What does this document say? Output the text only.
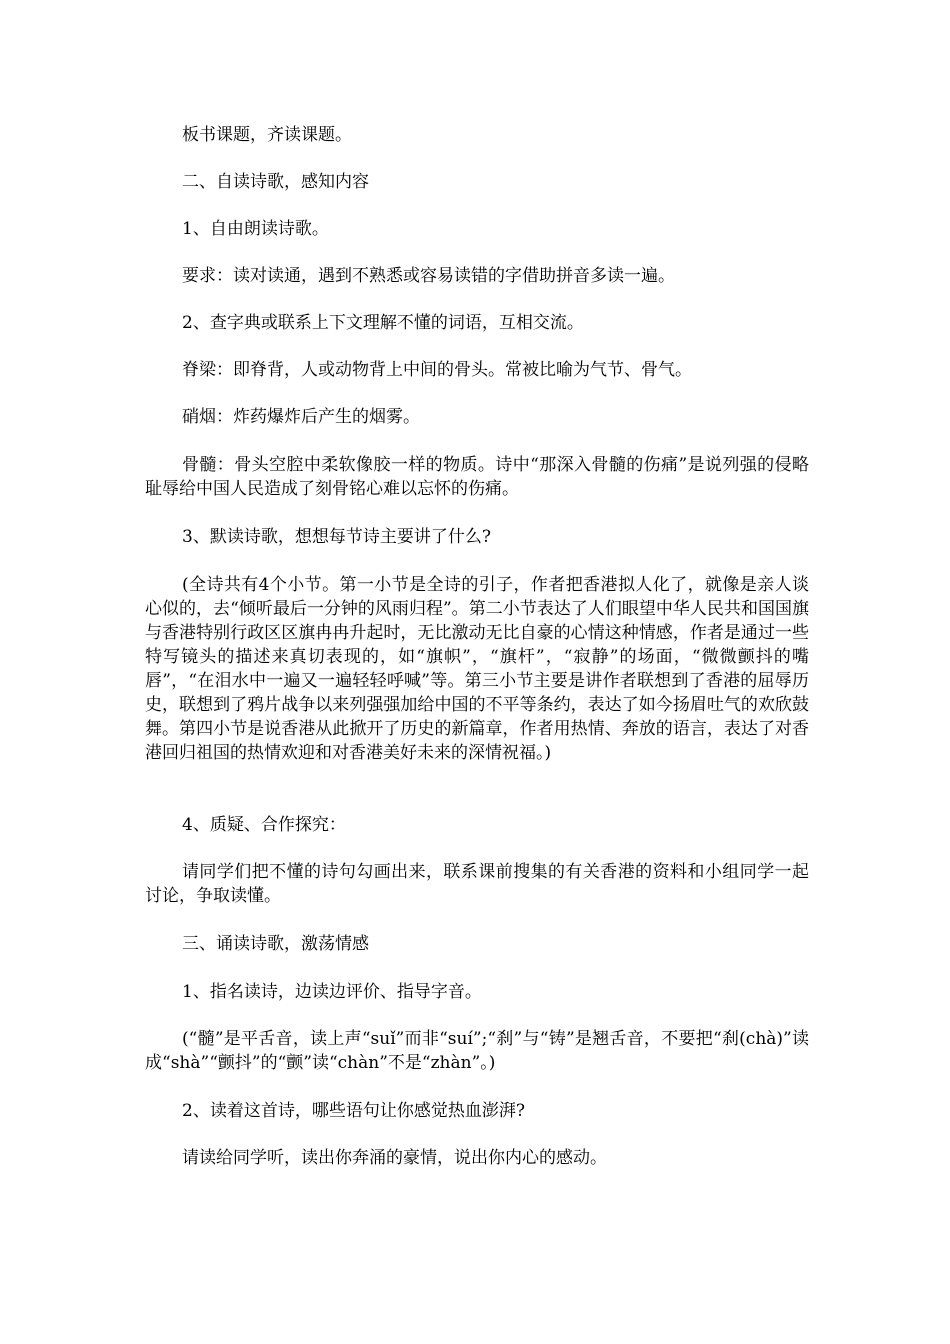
板书课题，齐读课题。

二、自读诗歌，感知内容

1、自由朗读诗歌。

要求：读对读通，遇到不熟悉或容易读错的字借助拼音多读一遍。

2、查字典或联系上下文理解不懂的词语，互相交流。

脊梁：即脊背，人或动物背上中间的骨头。常被比喻为气节、骨气。

硝烟：炸药爆炸后产生的烟雾。

骨髓：骨头空腔中柔软像胶一样的物质。诗中“那深入骨髓的伤痛”是说列强的侵略耻辱给中国人民造成了刻骨铭心难以忘怀的伤痛。

3、默读诗歌，想想每节诗主要讲了什么?

(全诗共有4个小节。第一小节是全诗的引子，作者把香港拟人化了，就像是亲人谈心似的，去“倾听最后一分钟的风雨归程”。第二小节表达了人们眼望中华人民共和国国旗与香港特别行政区区旗冉冉升起时，无比激动无比自豪的心情这种情感，作者是通过一些特写镜头的描述来真切表现的，如“旗帜”，“旗杆”，“寂静”的场面，“微微颤抖的嘴唇”，“在泪水中一遍又一遍轻轻呼喊”等。第三小节主要是讲作者联想到了香港的屈辱历史，联想到了鸦片战争以来列强强加给中国的不平等条约，表达了如今扬眉吐气的欢欣鼓舞。第四小节是说香港从此掀开了历史的新篇章，作者用热情、奔放的语言，表达了对香港回归祖国的热情欢迎和对香港美好未来的深情祝福。)

4、质疑、合作探究：

请同学们把不懂的诗句勾画出来，联系课前搜集的有关香港的资料和小组同学一起讨论，争取读懂。

三、诵读诗歌，激荡情感

1、指名读诗，边读边评价、指导字音。

(“髓”是平舌音，读上声“suǐ”而非“suí”;“刹”与“铸”是翘舌音，不要把“刹(chà)”读成“shà”“颤抖”的“颤”读“chàn”不是“zhàn”。)

2、读着这首诗，哪些语句让你感觉热血澎湃?

请读给同学听，读出你奔涌的豪情，说出你内心的感动。
